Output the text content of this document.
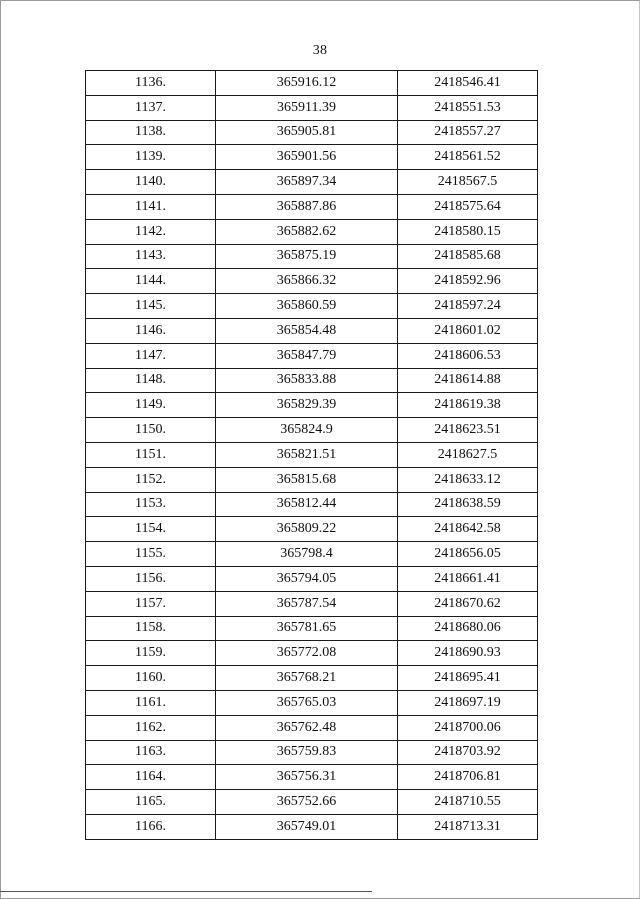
38
1136.	365916.12	2418546.41
1137.	365911.39	2418551.53
1138.	365905.81	2418557.27
1139.	365901.56	2418561.52
1140.	365897.34	2418567.5
1141.	365887.86	2418575.64
1142.	365882.62	2418580.15
1143.	365875.19	2418585.68
1144.	365866.32	2418592.96
1145.	365860.59	2418597.24
1146.	365854.48	2418601.02
1147.	365847.79	2418606.53
1148.	365833.88	2418614.88
1149.	365829.39	2418619.38
1150.	365824.9	2418623.51
1151.	365821.51	2418627.5
1152.	365815.68	2418633.12
1153.	365812.44	2418638.59
1154.	365809.22	2418642.58
1155.	365798.4	2418656.05
1156.	365794.05	2418661.41
1157.	365787.54	2418670.62
1158.	365781.65	2418680.06
1159.	365772.08	2418690.93
1160.	365768.21	2418695.41
1161.	365765.03	2418697.19
1162.	365762.48	2418700.06
1163.	365759.83	2418703.92
1164.	365756.31	2418706.81
1165.	365752.66	2418710.55
1166.	365749.01	2418713.31
